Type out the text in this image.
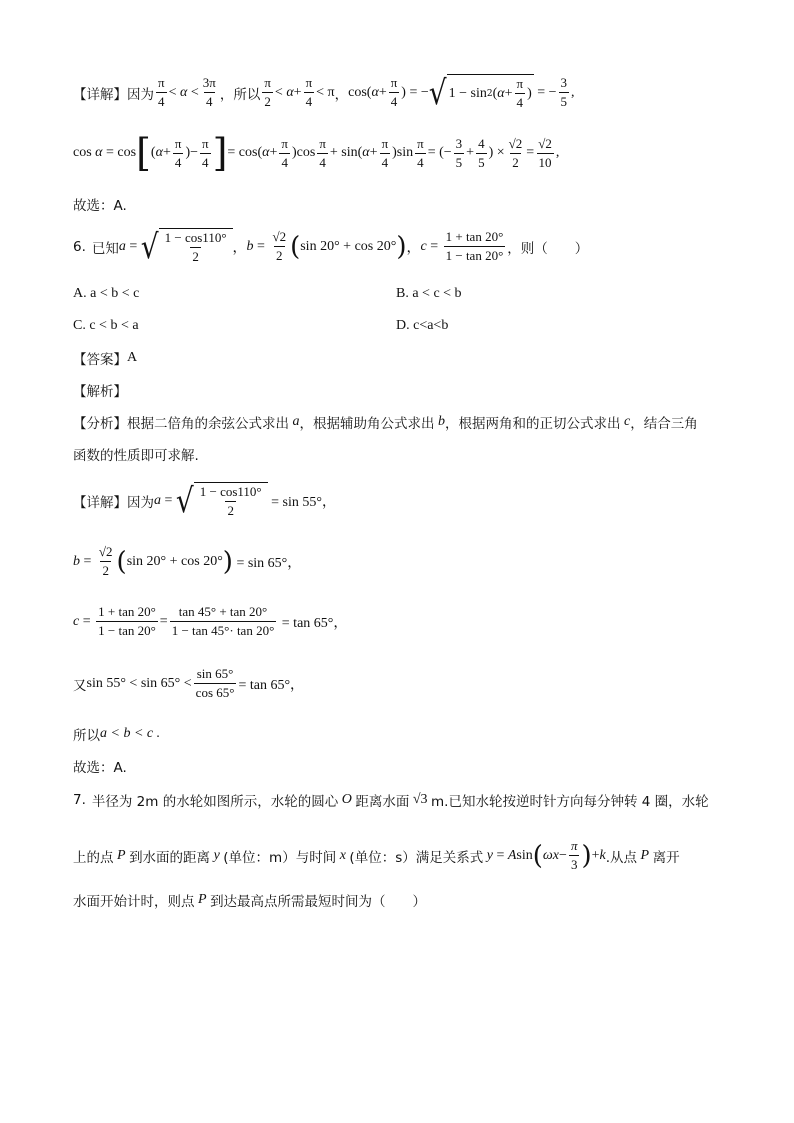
【详解】 因为 $\frac{\pi}{4} < \alpha < \frac{3\pi}{4}$ ，所以 $\frac{\pi}{2} < \alpha + \frac{\pi}{4} < \pi$ ， cos( $\alpha + \frac{\pi}{4}$ ) = − √ 1 − sin 2 ( $\alpha + \frac{\pi}{4}$ ) = − $\frac{3}{5}$ ,
cos α = cos [ ( $\alpha + \frac{\pi}{4}$ )− $\frac{\pi}{4}$ ] = cos( $\alpha + \frac{\pi}{4} )\cos \frac{\pi}{4} + \sin$( $\alpha + \frac{\pi}{4} )\sin \frac{\pi}{4}$ = (− $\frac{3}{5} + \frac{4}{5}$ ) × $\frac{√2}{2} = \frac{√2}{10}$ ,
故选：A.
6. 已知 a = √ $\frac{1 - \cos 110^\circ}{2}$ ， $b = \frac{√2}{2}$ ( sin 20° + cos 20° ) ， $c = \frac{1 + \tan 20^\circ}{1 - \tan 20^\circ}$ ，则（　　）
A. a < b < c	B. a < c < b
C. c < b < a	D. c<a<b
【答案】 A
【解析】
【分析】 根据二倍角的余弦公式求出 a ，根据辅助角公式求出 b ，根据两角和的正切公式求出 c ，结合三角
函数的性质即可求解.
【详解】 因为 a = √ $\frac{1 - \cos 110^\circ}{2} = \sin 55^\circ$，
$b = \frac{√2}{2}$ ( sin 20° + cos 20° ) = sin 65°，
$c = \frac{1 + \tan 20^\circ}{1 - \tan 20^\circ} = \frac{\tan 45^\circ + \tan 20^\circ}{1 - \tan 45^\circ\cdot \tan 20^\circ} = \tan 65^\circ$，
又 $\sin 55^\circ < \sin 65^\circ < \frac{\sin 65^\circ}{\cos 65^\circ} = \tan 65^\circ$，
所以 a < b < c .
故选：A.
7. 半径为 2m 的水轮如图所示，水轮的圆心 O 距离水面 √3 m.已知水轮按逆时针方向每分钟转 4 圈，水轮
上的点 P 到水面的距离 y (单位：m）与时间 x (单位：s）满足关系式 y = A sin ( $\omega x - \frac{\pi}{3}$ ) + k .从点 P 离开
水面开始计时，则点 P 到达最高点所需最短时间为（　　）
